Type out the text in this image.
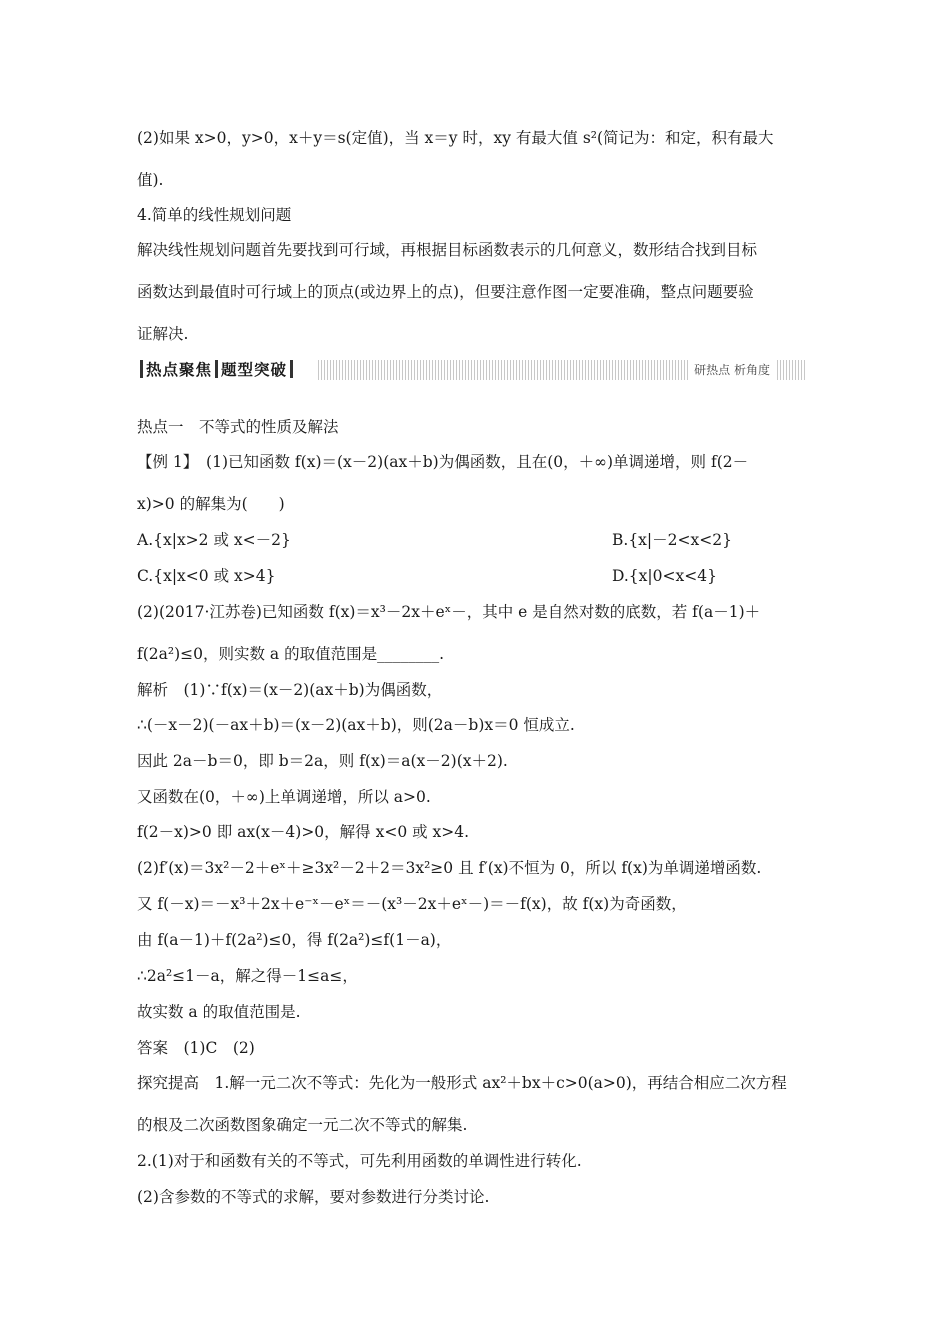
(2)如果 x>0，y>0，x＋y＝s(定值)，当 x＝y 时，xy 有最大值 s²(简记为：和定，积有最大
值).
4.简单的线性规划问题
解决线性规划问题首先要找到可行域，再根据目标函数表示的几何意义，数形结合找到目标
函数达到最值时可行域上的顶点(或边界上的点)，但要注意作图一定要准确，整点问题要验
证解决.
热点聚焦 题型突破	研热点 析角度
热点一　不等式的性质及解法
【例 1】　(1)已知函数 f(x)＝(x－2)(ax＋b)为偶函数，且在(0，＋∞)单调递增，则 f(2－
x)>0 的解集为(　　)
A.{x|x>2 或 x<－2}	B.{x|－2<x<2}
C.{x|x<0 或 x>4}	D.{x|0<x<4}
(2)(2017·江苏卷)已知函数 f(x)＝x³－2x＋eˣ－，其中 e 是自然对数的底数，若 f(a－1)＋
f(2a²)≤0，则实数 a 的取值范围是________.
解析　(1)∵f(x)＝(x－2)(ax＋b)为偶函数，
∴(－x－2)(－ax＋b)＝(x－2)(ax＋b)，则(2a－b)x＝0 恒成立.
因此 2a－b＝0，即 b＝2a，则 f(x)＝a(x－2)(x＋2).
又函数在(0，＋∞)上单调递增，所以 a>0.
f(2－x)>0 即 ax(x－4)>0，解得 x<0 或 x>4.
(2)f′(x)＝3x²－2＋eˣ＋≥3x²－2＋2＝3x²≥0 且 f′(x)不恒为 0，所以 f(x)为单调递增函数.
又 f(－x)＝－x³＋2x＋e⁻ˣ－eˣ＝－(x³－2x＋eˣ－)＝－f(x)，故 f(x)为奇函数，
由 f(a－1)＋f(2a²)≤0，得 f(2a²)≤f(1－a)，
∴2a²≤1－a，解之得－1≤a≤，
故实数 a 的取值范围是.
答案　(1)C　(2)
探究提高　1.解一元二次不等式：先化为一般形式 ax²＋bx＋c>0(a>0)，再结合相应二次方程
的根及二次函数图象确定一元二次不等式的解集.
2.(1)对于和函数有关的不等式，可先利用函数的单调性进行转化.
(2)含参数的不等式的求解，要对参数进行分类讨论.
